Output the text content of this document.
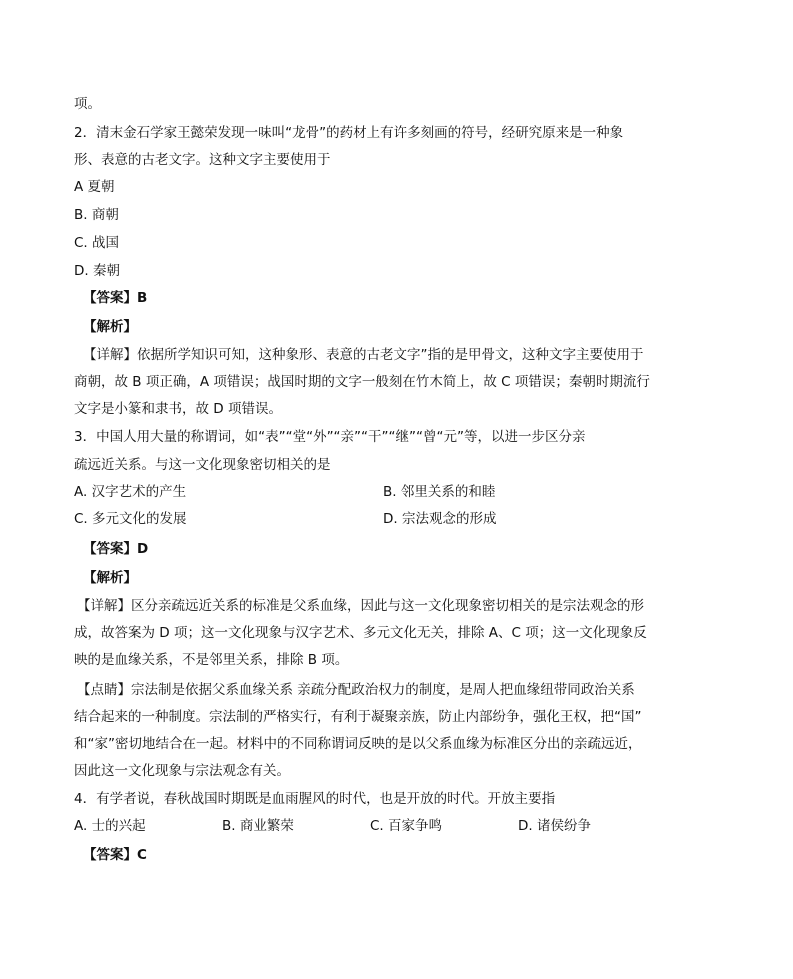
项。
2．清末金石学家王懿荣发现一味叫“龙骨”的药材上有许多刻画的符号，经研究原来是一种象
形、表意的古老文字。这种文字主要使用于
A 夏朝
B. 商朝
C. 战国
D. 秦朝
【答案】B
【解析】
【详解】依据所学知识可知，这种象形、表意的古老文字”指的是甲骨文，这种文字主要使用于
商朝，故 B 项正确，A 项错误；战国时期的文字一般刻在竹木简上，故 C 项错误；秦朝时期流行
文字是小篆和隶书，故 D 项错误。
3．中国人用大量的称谓词，如“表”“堂“外”“亲”“干”“继”“曾“元”等，以进一步区分亲
疏远近关系。与这一文化现象密切相关的是
A. 汉字艺术的产生	B. 邻里关系的和睦
C. 多元文化的发展	D. 宗法观念的形成
【答案】D
【解析】
【详解】区分亲疏远近关系的标准是父系血缘，因此与这一文化现象密切相关的是宗法观念的形
成，故答案为 D 项；这一文化现象与汉字艺术、多元文化无关，排除 A、C 项；这一文化现象反
映的是血缘关系，不是邻里关系，排除 B 项。
【点睛】宗法制是依据父系血缘关系 亲疏分配政治权力的制度，是周人把血缘纽带同政治关系
结合起来的一种制度。宗法制的严格实行，有利于凝聚亲族，防止内部纷争，强化王权，把“国”
和“家”密切地结合在一起。材料中的不同称谓词反映的是以父系血缘为标准区分出的亲疏远近，
因此这一文化现象与宗法观念有关。
4．有学者说，春秋战国时期既是血雨腥风的时代，也是开放的时代。开放主要指
A. 士的兴起	B. 商业繁荣	C. 百家争鸣	D. 诸侯纷争
【答案】C
